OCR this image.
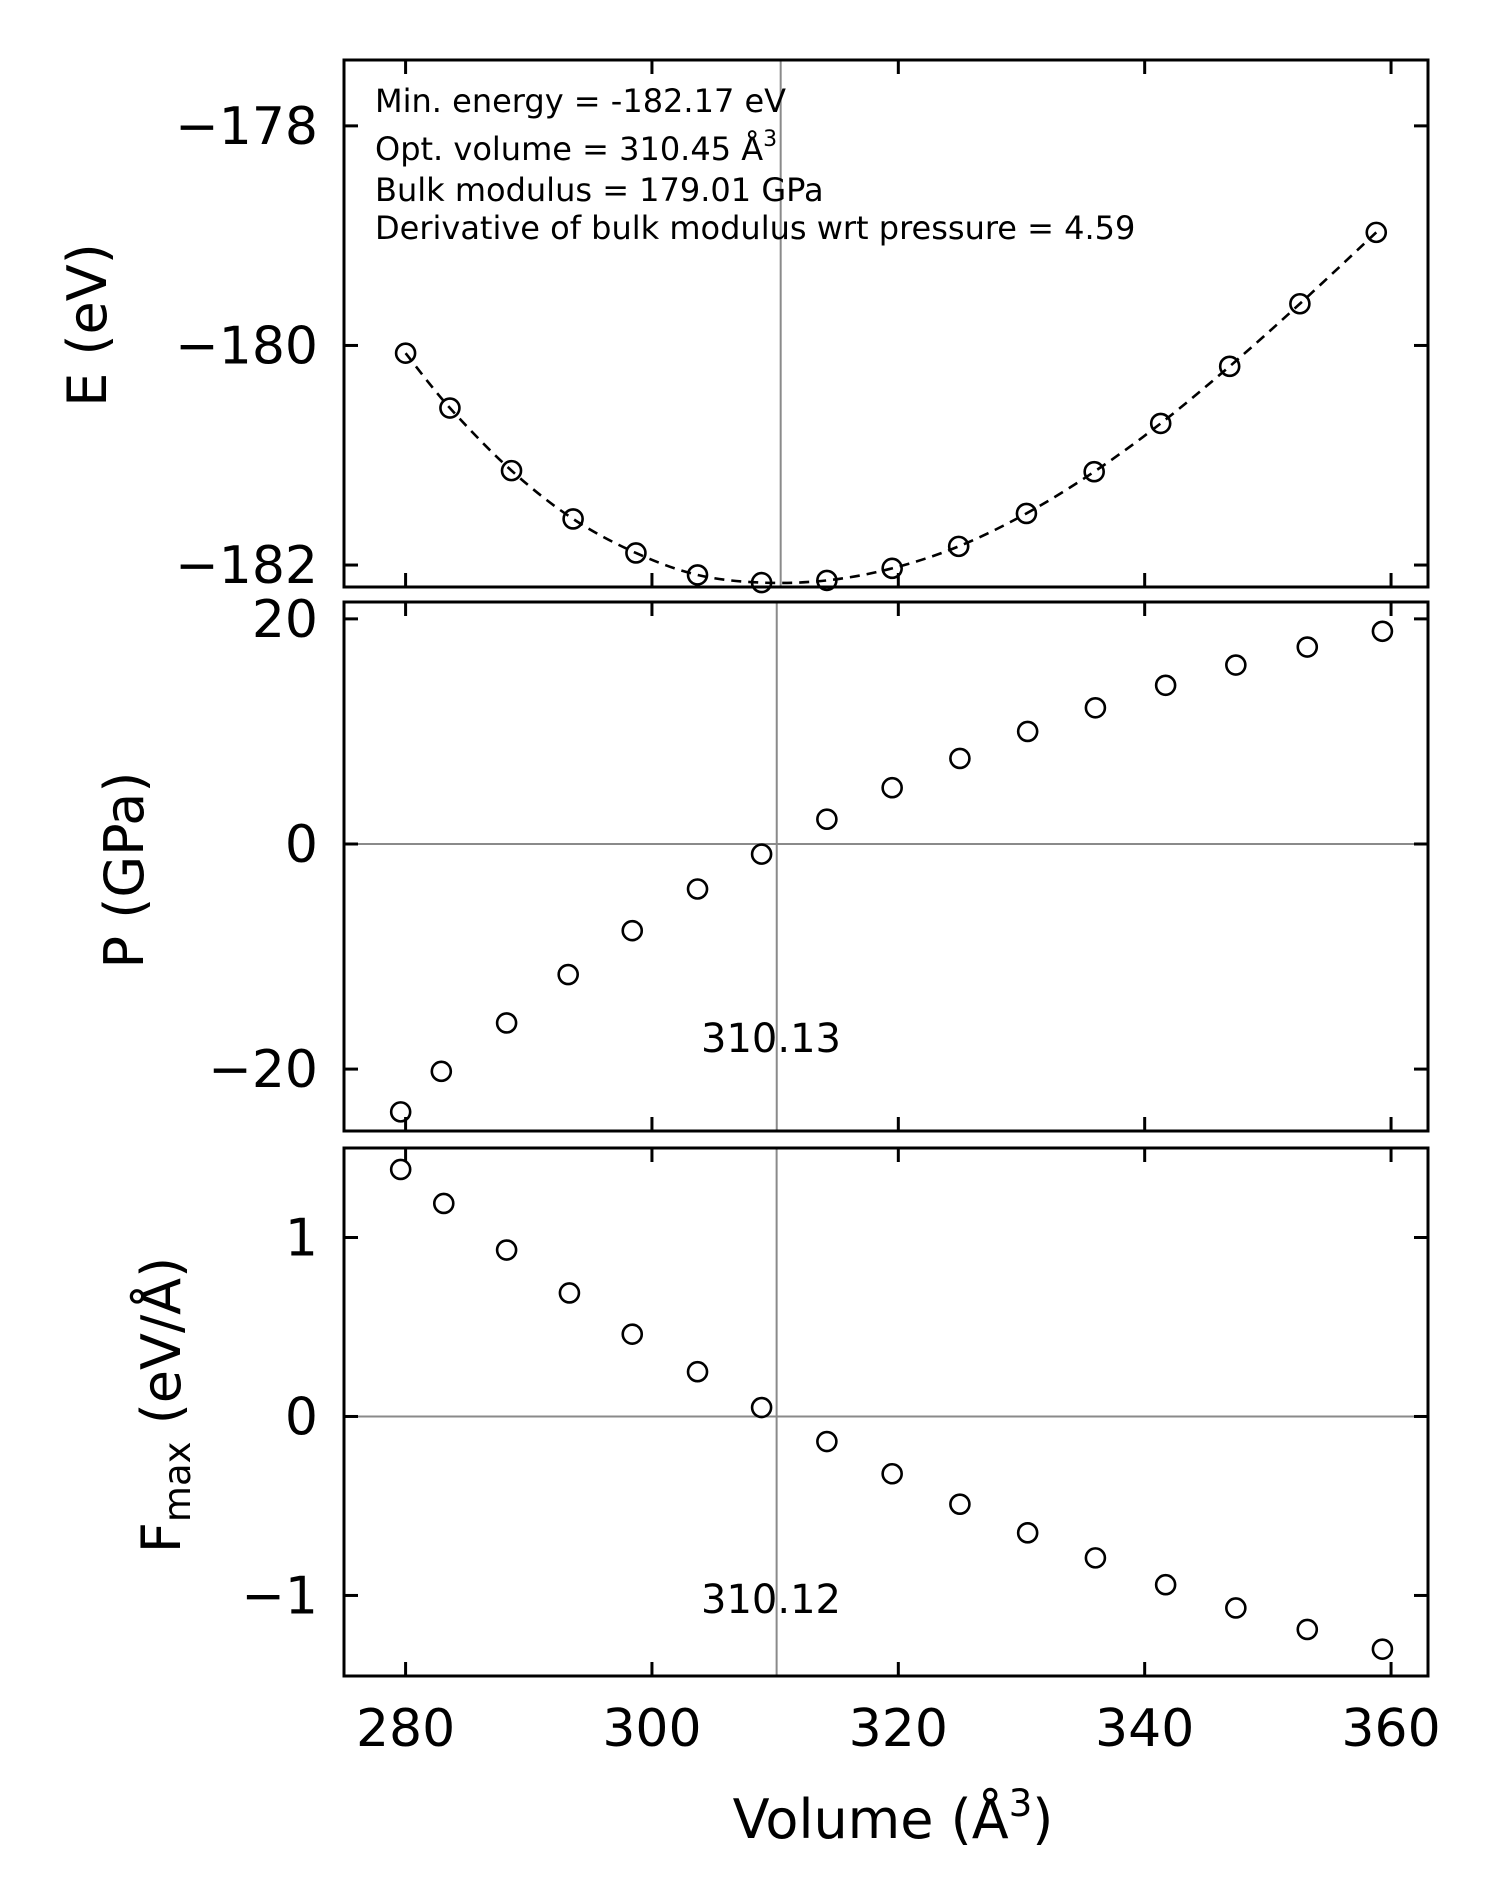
−182
−180
−178
−20
0
20
−1
0
1
280	300	320	340	360
E (eV)
P (GPa)
Fmax (eV/Å)
Volume $(Å^3)$
Min. energy = -182.17 eV
Opt. volume = 310.45 $Å^3$
Bulk modulus = 179.01 GPa
Derivative of bulk modulus wrt pressure = 4.59
310.13
310.12
